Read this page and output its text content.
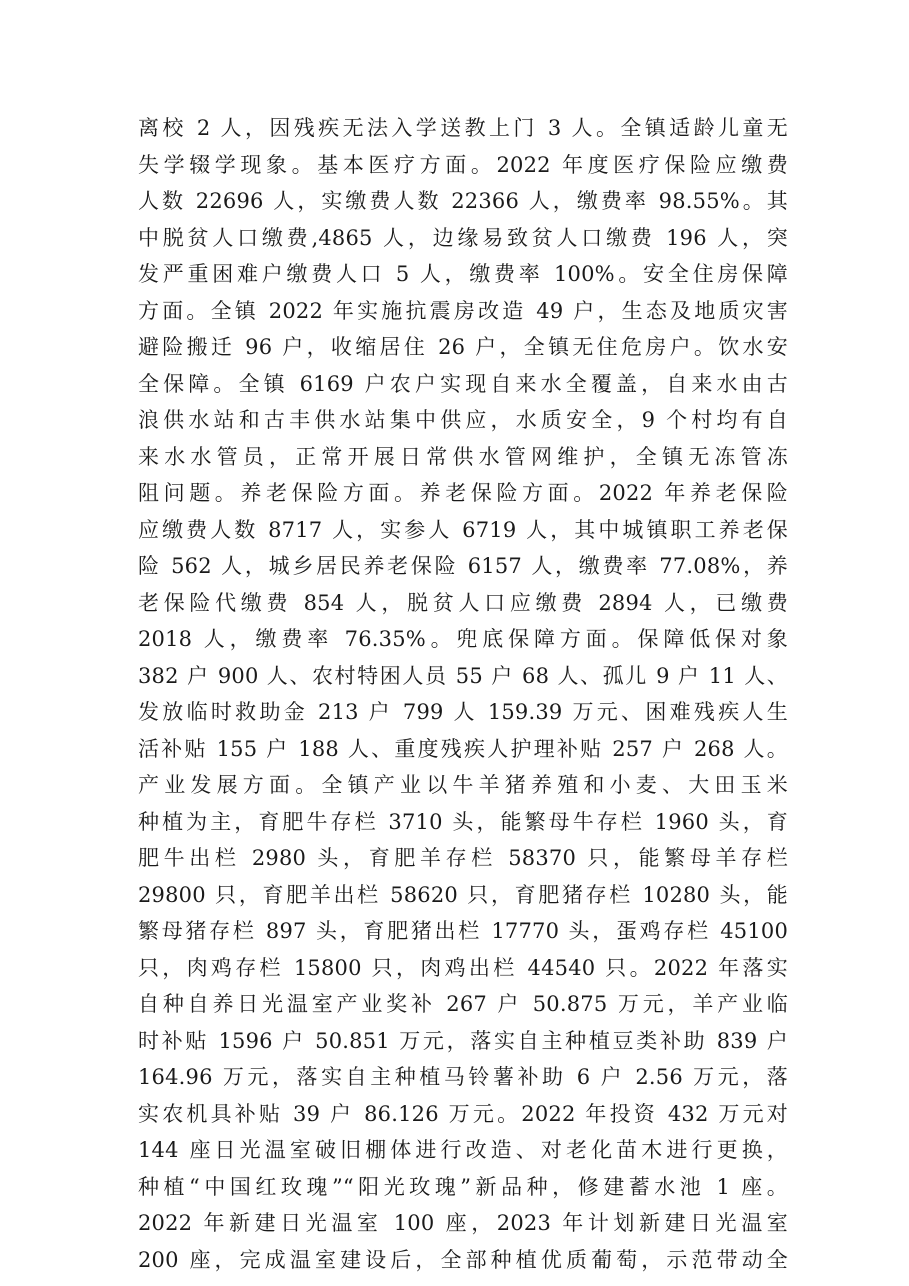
离校 2 人，因残疾无法入学送教上门 3 人。全镇适龄儿童无
失学辍学现象。基本医疗方面。2022 年度医疗保险应缴费
人数 22696 人，实缴费人数 22366 人，缴费率 98.55%。其
中脱贫人口缴费,4865 人，边缘易致贫人口缴费 196 人，突
发严重困难户缴费人口 5 人，缴费率 100%。安全住房保障
方面。全镇 2022 年实施抗震房改造 49 户，生态及地质灾害
避险搬迁 96 户，收缩居住 26 户，全镇无住危房户。饮水安
全保障。全镇 6169 户农户实现自来水全覆盖，自来水由古
浪供水站和古丰供水站集中供应，水质安全，9 个村均有自
来水水管员，正常开展日常供水管网维护，全镇无冻管冻
阻问题。养老保险方面。养老保险方面。2022 年养老保险
应缴费人数 8717 人，实参人 6719 人，其中城镇职工养老保
险 562 人，城乡居民养老保险 6157 人，缴费率 77.08%，养
老保险代缴费 854 人，脱贫人口应缴费 2894 人，已缴费
2018 人，缴费率 76.35%。兜底保障方面。保障低保对象
382 户 900 人、农村特困人员 55 户 68 人、孤儿 9 户 11 人、
发放临时救助金 213 户 799 人 159.39 万元、困难残疾人生
活补贴 155 户 188 人、重度残疾人护理补贴 257 户 268 人。
产业发展方面。全镇产业以牛羊猪养殖和小麦、大田玉米
种植为主，育肥牛存栏 3710 头，能繁母牛存栏 1960 头，育
肥牛出栏 2980 头，育肥羊存栏 58370 只，能繁母羊存栏
29800 只，育肥羊出栏 58620 只，育肥猪存栏 10280 头，能
繁母猪存栏 897 头，育肥猪出栏 17770 头，蛋鸡存栏 45100
只，肉鸡存栏 15800 只，肉鸡出栏 44540 只。2022 年落实
自种自养日光温室产业奖补 267 户 50.875 万元，羊产业临
时补贴 1596 户 50.851 万元，落实自主种植豆类补助 839 户
164.96 万元，落实自主种植马铃薯补助 6 户 2.56 万元，落
实农机具补贴 39 户 86.126 万元。2022 年投资 432 万元对
144 座日光温室破旧棚体进行改造、对老化苗木进行更换，
种植“中国红玫瑰”“阳光玫瑰”新品种，修建蓄水池 1 座。
2022 年新建日光温室 100 座，2023 年计划新建日光温室
200 座，完成温室建设后，全部种植优质葡萄，示范带动全
